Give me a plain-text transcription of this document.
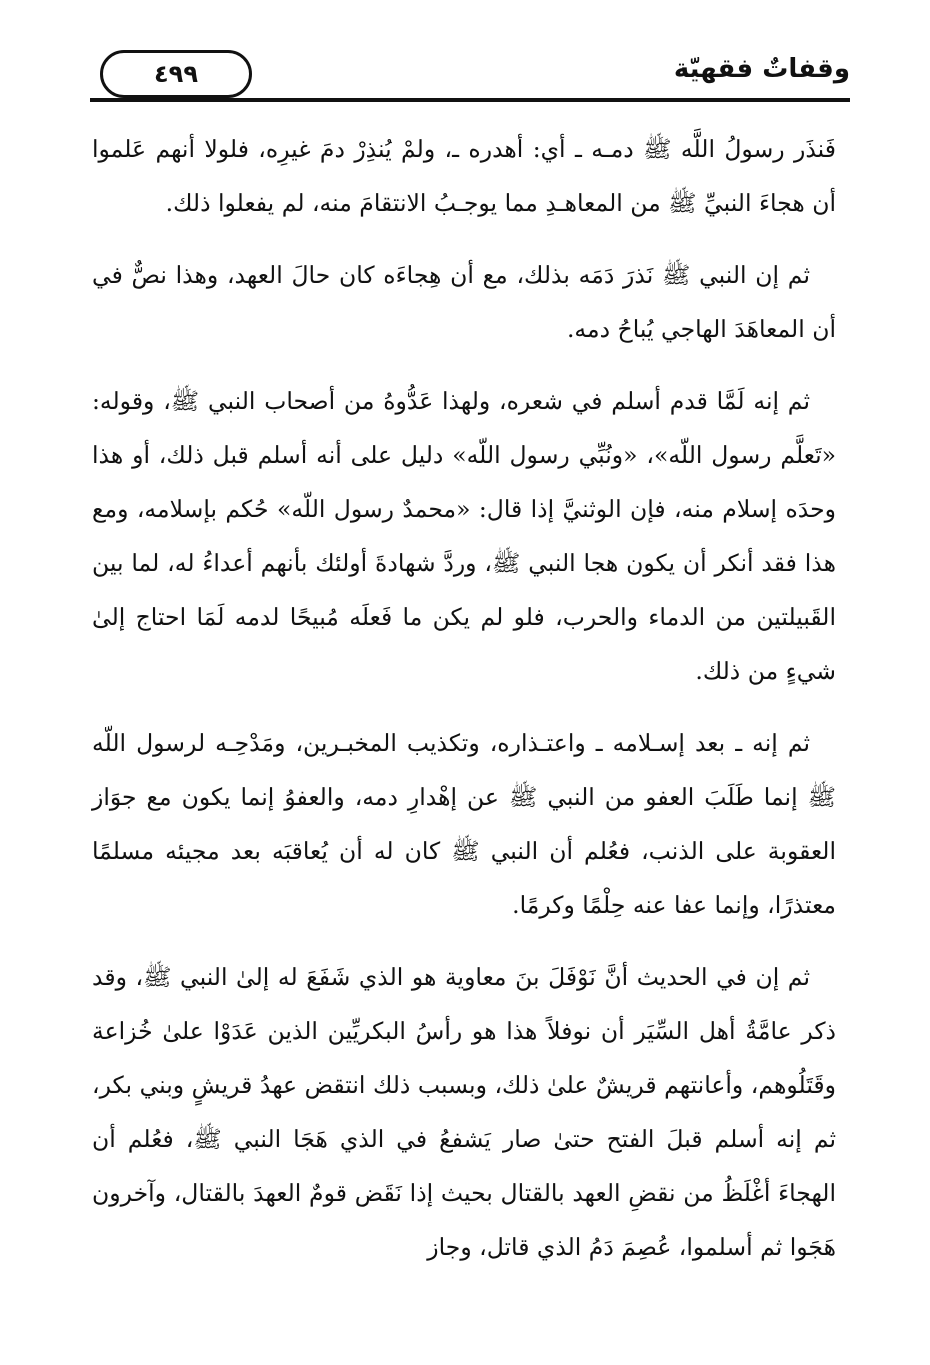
وقفاتٌ فقهيّة
٤٩٩

فَنذَر رسولُ اللَّه ﷺ دمـه ـ أي: أهدره ـ، ولمْ يُنذِرْ دمَ غيرِه، فلولا أنهم عَلموا أن هجاءَ النبيِّ ﷺ من المعاهـدِ مما يوجـبُ الانتقامَ منه، لم يفعلوا ذلك.

ثم إن النبي ﷺ نَذرَ دَمَه بذلك، مع أن هِجاءَه كان حالَ العهد، وهذا نصٌّ في أن المعاهَدَ الهاجي يُباحُ دمه.

ثم إنه لَمَّا قدم أسلم في شعره، ولهذا عَدُّوهُ من أصحاب النبي ﷺ، وقوله: «تَعلَّم رسول اللّه»، «ونُبِّي رسول اللّه» دليل على أنه أسلم قبل ذلك، أو هذا وحدَه إسلام منه، فإن الوثنيَّ إذا قال: «محمدٌ رسول اللّه» حُكم بإسلامه، ومع هذا فقد أنكر أن يكون هجا النبي ﷺ، وردَّ شهادةَ أولئك بأنهم أعداءُ له، لما بين القَبيلتين من الدماء والحرب، فلو لم يكن ما فَعلَه مُبيحًا لدمه لَمَا احتاج إلىٰ شيءٍ من ذلك.

ثم إنه ـ بعد إسـلامه ـ واعتـذاره، وتكذيب المخبـرين، ومَدْحِـه لرسول اللّه ﷺ إنما طَلَبَ العفو من النبي ﷺ عن إهْدارِ دمه، والعفوُ إنما يكون مع جوَاز العقوبة على الذنب، فعُلم أن النبي ﷺ كان له أن يُعاقبَه بعد مجيئه مسلمًا معتذرًا، وإنما عفا عنه حِلْمًا وكرمًا.

ثم إن في الحديث أنَّ نَوْفَلَ بنَ معاوية هو الذي شَفَعَ له إلىٰ النبي ﷺ، وقد ذكر عامَّةُ أهل السِّيَر أن نوفلاً هذا هو رأسُ البكريِّين الذين عَدَوْا علىٰ خُزاعة وقَتَلُوهم، وأعانتهم قريشٌ علىٰ ذلك، وبسبب ذلك انتقض عهدُ قريشٍ وبني بكر، ثم إنه أسلم قبلَ الفتح حتىٰ صار يَشفعُ في الذي هَجَا النبي ﷺ، فعُلم أن الهجاءَ أغْلَظُ من نقضِ العهد بالقتال بحيث إذا نَقَض قومٌ العهدَ بالقتال، وآخرون هَجَوا ثم أسلموا، عُصِمَ دَمُ الذي قاتل، وجاز
